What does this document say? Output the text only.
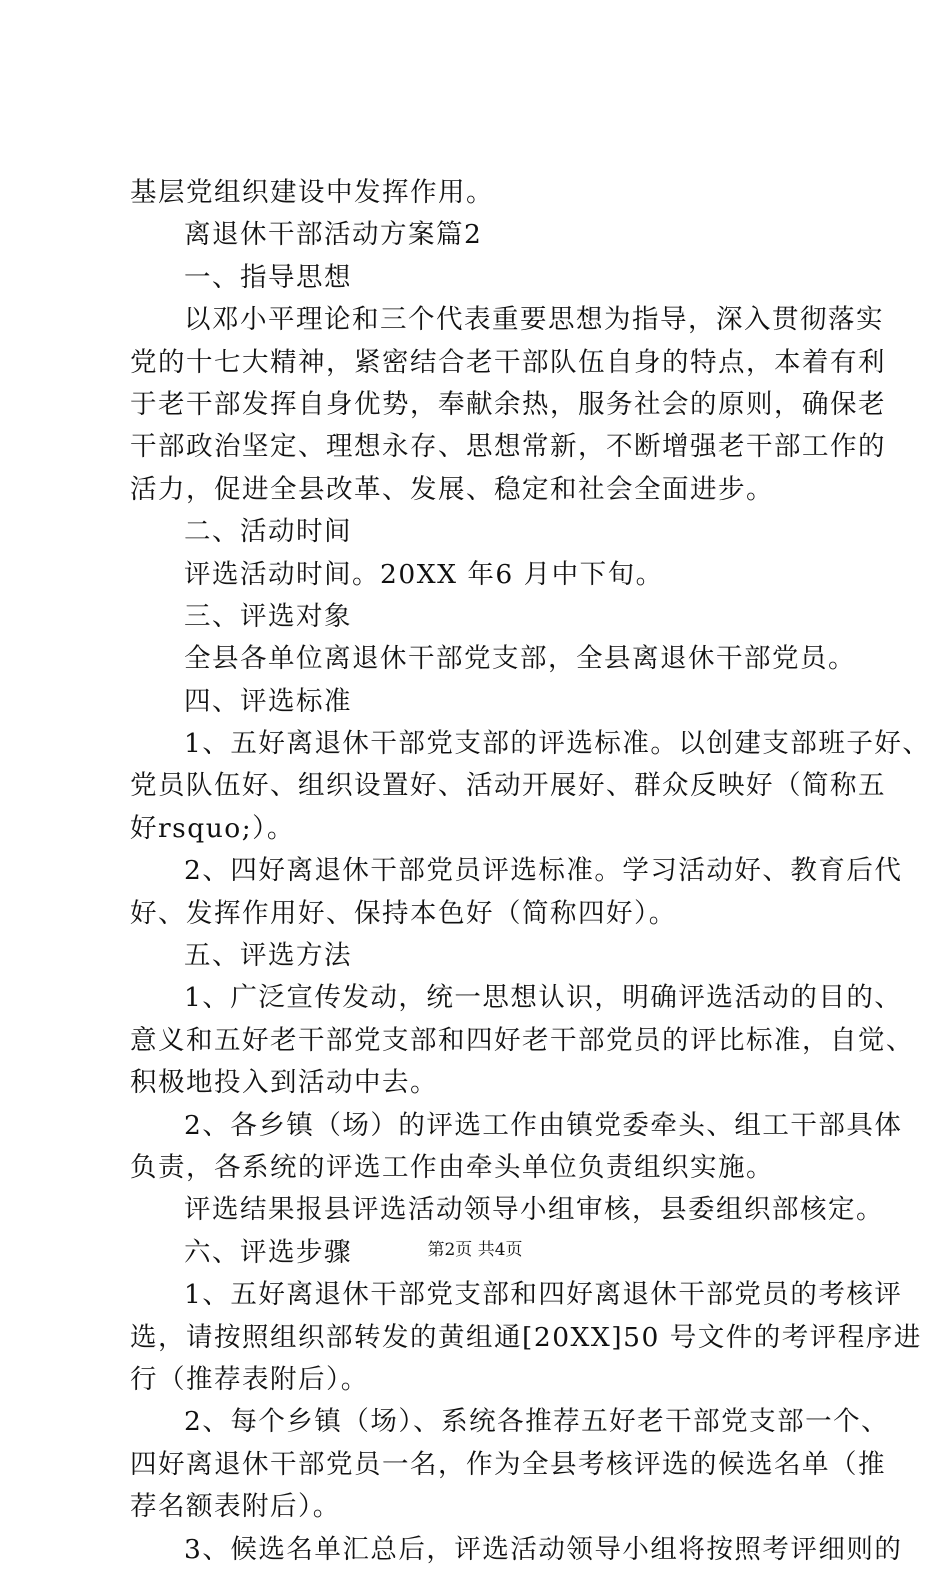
基层党组织建设中发挥作用。
离退休干部活动方案篇2
一、指导思想
以邓小平理论和三个代表重要思想为指导，深入贯彻落实
党的十七大精神，紧密结合老干部队伍自身的特点，本着有利
于老干部发挥自身优势，奉献余热，服务社会的原则，确保老
干部政治坚定、理想永存、思想常新，不断增强老干部工作的
活力，促进全县改革、发展、稳定和社会全面进步。
二、活动时间
评选活动时间。20XX 年6 月中下旬。
三、评选对象
全县各单位离退休干部党支部，全县离退休干部党员。
四、评选标准
1、五好离退休干部党支部的评选标准。以创建支部班子好、
党员队伍好、组织设置好、活动开展好、群众反映好（简称五
好rsquo;）。
2、四好离退休干部党员评选标准。学习活动好、教育后代
好、发挥作用好、保持本色好（简称四好）。
五、评选方法
1、广泛宣传发动，统一思想认识，明确评选活动的目的、
意义和五好老干部党支部和四好老干部党员的评比标准，自觉、
积极地投入到活动中去。
2、各乡镇（场）的评选工作由镇党委牵头、组工干部具体
负责，各系统的评选工作由牵头单位负责组织实施。
评选结果报县评选活动领导小组审核，县委组织部核定。
六、评选步骤
1、五好离退休干部党支部和四好离退休干部党员的考核评
选，请按照组织部转发的黄组通[20XX]50 号文件的考评程序进
行（推荐表附后）。
2、每个乡镇（场）、系统各推荐五好老干部党支部一个、
四好离退休干部党员一名，作为全县考核评选的候选名单（推
荐名额表附后）。
3、候选名单汇总后，评选活动领导小组将按照考评细则的
第2页 共4页
